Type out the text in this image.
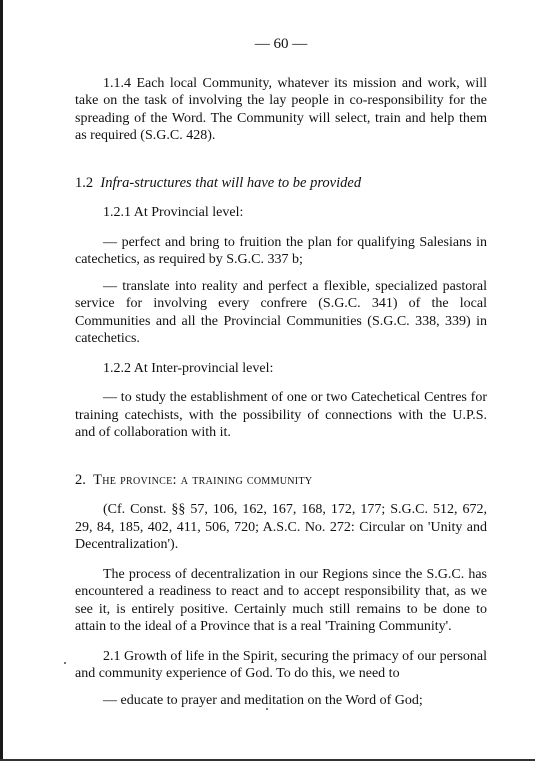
— 60 —

1.1.4 Each local Community, whatever its mission and work, will take on the task of involving the lay people in co-responsibility for the spreading of the Word. The Community will select, train and help them as required (S.G.C. 428).

1.2 Infra-structures that will have to be provided

1.2.1 At Provincial level:

— perfect and bring to fruition the plan for qualifying Salesians in catechetics, as required by S.G.C. 337 b;

— translate into reality and perfect a flexible, specialized pastoral service for involving every confrere (S.G.C. 341) of the local Communities and all the Provincial Communities (S.G.C. 338, 339) in catechetics.

1.2.2 At Inter-provincial level:

— to study the establishment of one or two Catechetical Centres for training catechists, with the possibility of connections with the U.P.S. and of collaboration with it.

2. The province: a training community

(Cf. Const. §§ 57, 106, 162, 167, 168, 172, 177; S.G.C. 512, 672, 29, 84, 185, 402, 411, 506, 720; A.S.C. No. 272: Circular on 'Unity and Decentralization').

The process of decentralization in our Regions since the S.G.C. has encountered a readiness to react and to accept responsibility that, as we see it, is entirely positive. Certainly much still remains to be done to attain to the ideal of a Province that is a real 'Training Community'.

2.1 Growth of life in the Spirit, securing the primacy of our personal and community experience of God. To do this, we need to

— educate to prayer and meditation on the Word of God;
